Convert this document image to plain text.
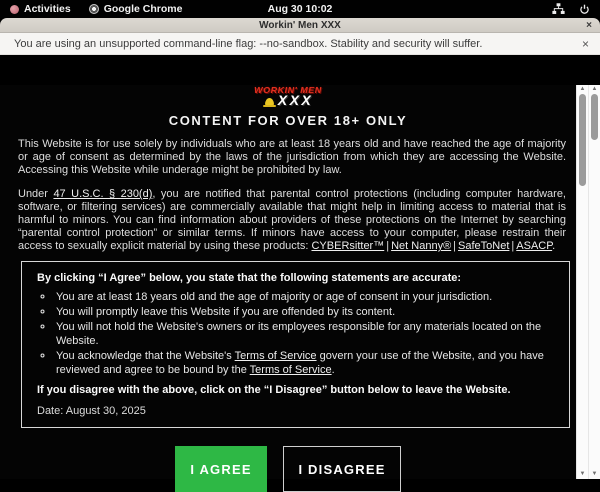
Activities	Google Chrome	Aug 30 10:02
Workin' Men XXX	×
You are using an unsupported command-line flag: --no-sandbox. Stability and security will suffer.	×
WORKIN' MEN
XXX
CONTENT FOR OVER 18+ ONLY

This Website is for use solely by individuals who are at least 18 years old and have reached the age of majority or age of consent as determined by the laws of the jurisdiction from which they are accessing the Website. Accessing this Website while underage might be prohibited by law.

Under 47 U.S.C. § 230(d), you are notified that parental control protections (including computer hardware, software, or filtering services) are commercially available that might help in limiting access to material that is harmful to minors. You can find information about providers of these protections on the Internet by searching “parental control protection” or similar terms. If minors have access to your computer, please restrain their access to sexually explicit material by using these products: CYBERsitter™ | Net Nanny® | SafeToNet | ASACP.

By clicking “I Agree” below, you state that the following statements are accurate:
◦ You are at least 18 years old and the age of majority or age of consent in your jurisdiction.
◦ You will promptly leave this Website if you are offended by its content.
◦ You will not hold the Website's owners or its employees responsible for any materials located on the Website.
◦ You acknowledge that the Website's Terms of Service govern your use of the Website, and you have reviewed and agree to be bound by the Terms of Service.
If you disagree with the above, click on the “I Disagree” button below to leave the Website.
Date: August 30, 2025
I AGREE	I DISAGREE
▲
▼
▲
▼
